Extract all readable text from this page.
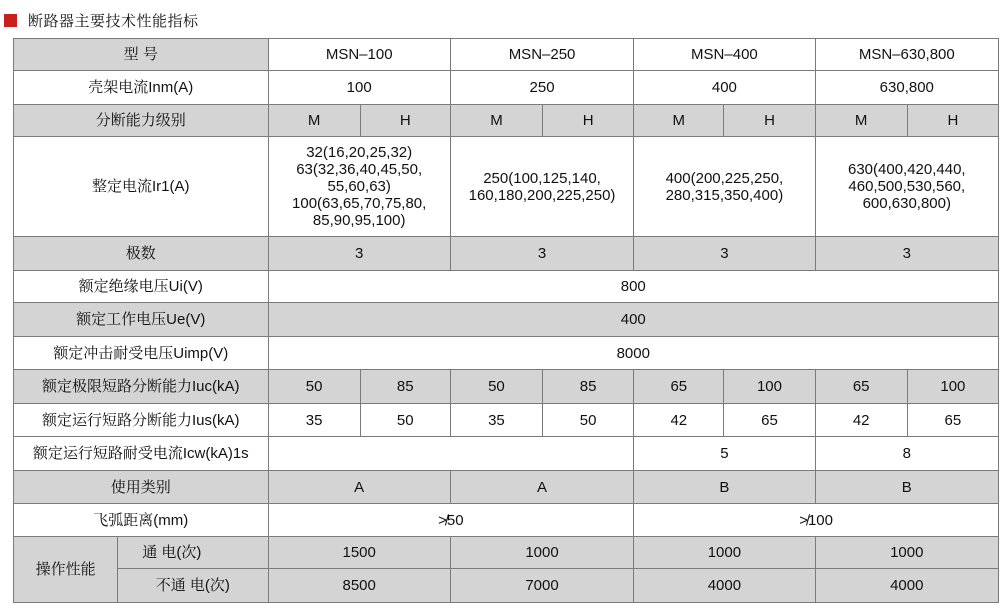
断路器主要技术性能指标
型 号		MSN–100		MSN–250		MSN–400		MSN–630,800	
壳架电流Inm(A)		100		250		400		630,800	
分断能力级别		M	H	M	H	M	H	M	H
整定电流Ir1(A)		32(16,20,25,32)
63(32,36,40,45,50,
55,60,63)
100(63,65,70,75,80,
85,90,95,100)		250(100,125,140,
160,180,200,225,250)		400(200,225,250,
280,315,350,400)		630(400,420,440,
460,500,530,560,
600,630,800)	
极数		3		3		3		3	
额定绝缘电压Ui(V)		800							
额定工作电压Ue(V)		400							
额定冲击耐受电压Uimp(V)		8000							
额定极限短路分断能力Iuc(kA)		50	85	50	85	65	100	65	100
额定运行短路分断能力Ius(kA)		35	50	35	50	42	65	42	65
额定运行短路耐受电流Icw(kA)1s						5		8	
使用类别		A		A		B		B	
飞弧距离(mm)		≯50				≯100			
操作性能	通 电(次)	1500		1000		1000		1000	
	不通 电(次)	8500		7000		4000		4000	
